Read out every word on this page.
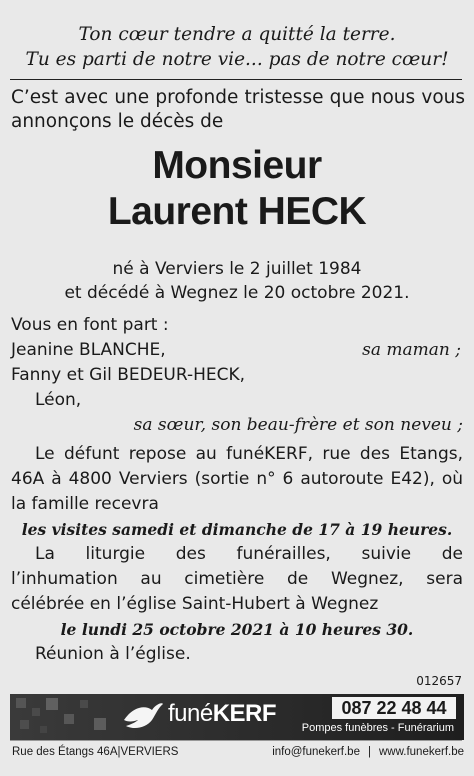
Ton cœur tendre a quitté la terre.
Tu es parti de notre vie... pas de notre cœur!
C’est avec une profonde tristesse que nous vous
annonçons le décès de
Monsieur
Laurent HECK
né à Verviers le 2 juillet 1984
et décédé à Wegnez le 20 octobre 2021.
Vous en font part :
Jeanine BLANCHE,	sa maman ;
Fanny et Gil BEDEUR-HECK,
Léon,
sa sœur, son beau-frère et son neveu ;
Le défunt repose au funéKERF, rue des Etangs,
46A à 4800 Verviers (sortie n° 6 autoroute E42), où
la famille recevra
les visites samedi et dimanche de 17 à 19 heures.
La liturgie des funérailles, suivie de
l’inhumation au cimetière de Wegnez, sera
célébrée en l’église Saint-Hubert à Wegnez
le lundi 25 octobre 2021 à 10 heures 30.
Réunion à l’église.
012657
funéKERF	087 22 48 44
Pompes funèbres - Funérarium
Rue des Étangs 46A | VERVIERS	info@funekerf.be | www.funekerf.be
